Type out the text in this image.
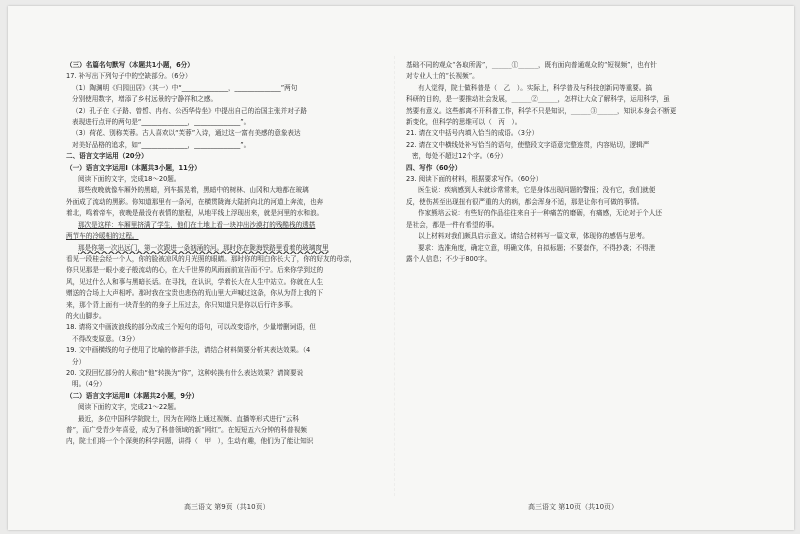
（三）名篇名句默写（本题共1小题，6分）

17. 补写出下列句子中的空缺部分。（6分）

（1）陶渊明《归园田居》（其一）中“______________，______________”两句

分别使用数字，增添了乡村远景的宁静祥和之感。

（2）孔子在《子路、曾皙、冉有、公西华侍坐》中提出自己的治国主张并对子路

表现进行点评的两句是“______________，______________”。

（3）荷花、别称芙蓉。古人喜欢以“芙蓉”入诗，通过这一富有美感的意象表达

对美好品格的追求，如“______________，______________”。

二、语言文字运用（20分）

（一）语言文字运用Ⅰ（本题共3小题，11分）

阅读下面的文字，完成18～20题。

那些夜晚就像车厢外的黑暗，列车摇晃着，黑暗中的树林、山冈和大地都在玻璃

外面成了流动的黑影。你知道那里有一条河，在横贯陇海大陆折向北的河道上奔流，也奔

着北，鸣着帝车，夜晚是最没有表情的旅程，从地平线上浮现出来，就是河里的水和浪。

那次是这样：车厢里挤满了学生，他们在土地上看一块冲出沙漠打的残酷栈的透搭

两节车的冷暖相的过程。

那是你第一次出远门，第一次跟进一条汹涌的河。那时你在陇海铁路里看着的玻璃窗里

看见一段桂会经一个人，你的脸被凉风的月光照的眼睛。那时你的明白你长大了，你的好友的母亲，

你只见那是一眼小麦子般流动的心，在大千世界的风雨面前宣告而不宁。后来你学到过的

风，见过什么人和事与黑暗长话。在寻找，在认识，学着长大在人生中站立。你就在人生

赠送的合场上大声相呼。那时我在宝贵也悲伤的荒山里大声喊过这条，你从为背上我的下

来，那个背上面有一块背坐的的身子上压过去，你只知道只是你以后行许多事。

的火山脚步。

18. 请将文中画波浪线的部分改成三个短句的语句，可以改变语序，少量增删词语，但

不得改变原意。（3分）

19. 文中画横线的句子使用了比喻的修辞手法，请结合材料简要分析其表达效果。（4

分）

20. 文段回忆部分的人称由“他”转换为“你”，这种转换有什么表达效果？请简要说

明。（4分）

（二）语言文字运用Ⅱ（本题共2小题，9分）

阅读下面的文字，完成21～22题。

最近，多位中国科学院院士，因为在网络上通过视频、直播等形式进行“云科

普”，而广受青少年喜爱，成为了科普领域的新“网红”。在短短五六分钟的科普视频

内，院士们将一个个深奥的科学问题，讲得（　甲　），生动有趣，他们为了能让知识

基础不同的观众“各取所需”，______①______，既有面向普通观众的“短视频”，也有针

对专业人士的“长视频”。

有人觉得，院士做科普是（　乙　）。实际上，科学普及与科技创新同等重要。搞

科研的目的，是一要推动社会发展，______②______，怎样让大众了解科学，运用科学，虽

然要有意义。这些都离不开科普工作，科学不只是知识，______③______，知识本身会不断更

新变化，但科学的思维可以（　丙　）。

21. 请在文中括号内填入恰当的成语。（3分）

22. 请在文中横线处补写恰当的语句，使整段文字语意完整连贯，内容贴切，逻辑严

密，每处不超过12个字。（6分）

四、写作（60分）

23. 阅读下面的材料，根据要求写作。（60分）

医生说：疾病感到人未就诊常常来，它是身体出现问题的警报；没有它，我们就便

反，使伤甚至出现扭有很严重的大的病，都会浑身不适，那是让你有可做的事情。

作家熊培云说：有些好的作品往往来自于一种痛苦的磨砺，有痛感，无论对于个人还

是社会，都是一件有希望的事。

以上材料对我们颇具启示意义。请结合材料写一篇文章，体现你的感悟与思考。

要求：选准角度，确定立意，明确文体，自拟标题；不要套作，不得抄袭；不得泄

露个人信息；不少于800字。

高三语文 第9页（共10页）	高三语文 第10页（共10页）
